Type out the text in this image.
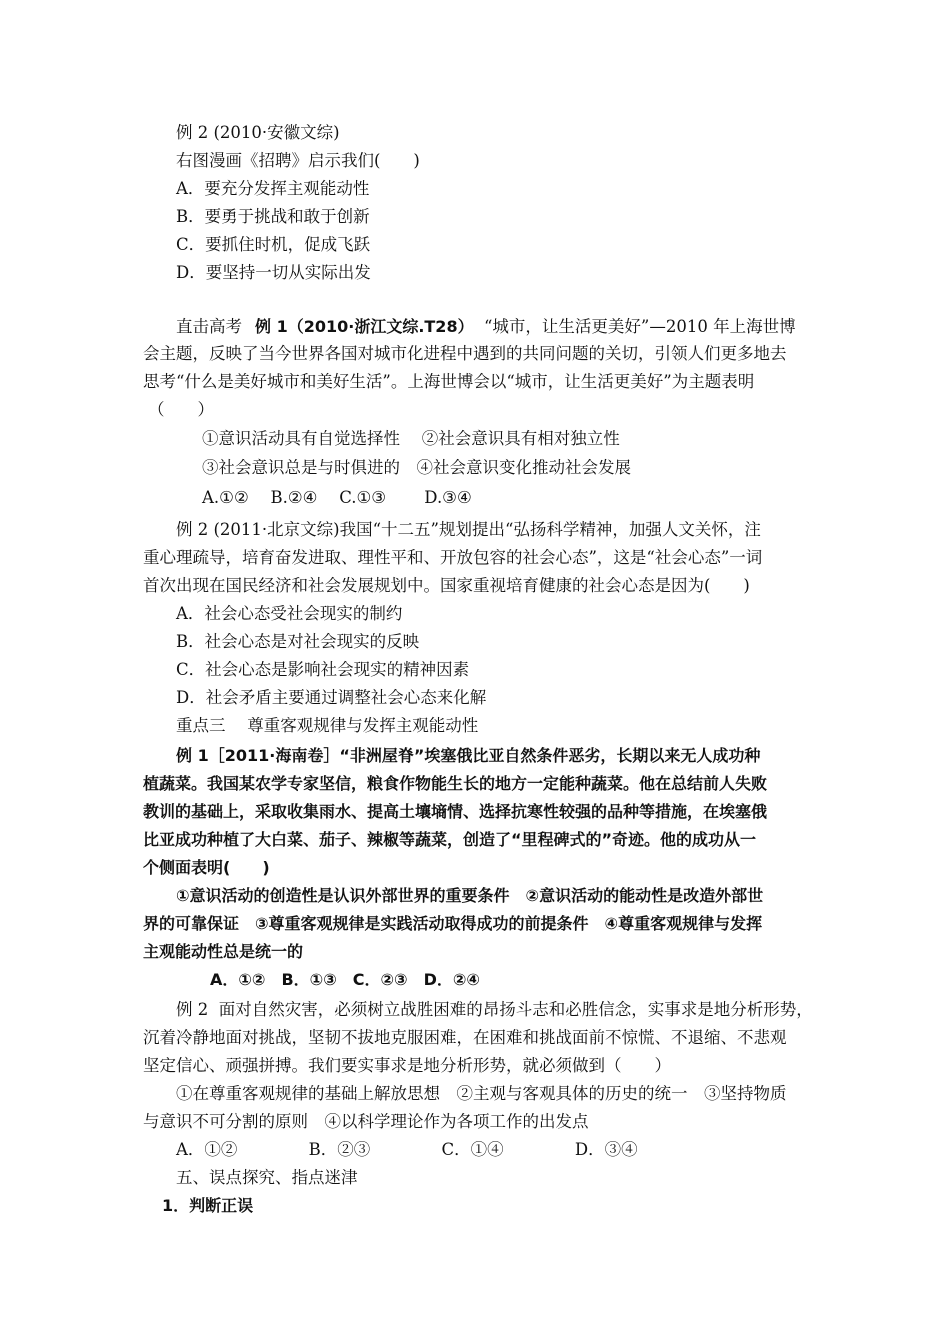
例 2 (2010·安徽文综)
右图漫画《招聘》启示我们(　　)
A．要充分发挥主观能动性
B．要勇于挑战和敢于创新
C．要抓住时机，促成飞跃
D．要坚持一切从实际出发
直击高考 例 1（2010·浙江文综.T28） “城市，让生活更美好”—2010 年上海世博
会主题，反映了当今世界各国对城市化进程中遇到的共同问题的关切，引领人们更多地去
思考“什么是美好城市和美好生活”。上海世博会以“城市，让生活更美好”为主题表明
（　　）
①意识活动具有自觉选择性　 ②社会意识具有相对独立性
③社会意识总是与时俱进的　④社会意识变化推动社会发展
A.①②　 B.②④　 C.①③ 　　D.③④
例 2 (2011·北京文综)我国“十二五”规划提出“弘扬科学精神，加强人文关怀，注
重心理疏导，培育奋发进取、理性平和、开放包容的社会心态”，这是“社会心态”一词
首次出现在国民经济和社会发展规划中。国家重视培育健康的社会心态是因为(　　)
A．社会心态受社会现实的制约
B．社会心态是对社会现实的反映
C．社会心态是影响社会现实的精神因素
D．社会矛盾主要通过调整社会心态来化解
重点三　 尊重客观规律与发挥主观能动性
例 1［2011·海南卷］“非洲屋脊”埃塞俄比亚自然条件恶劣，长期以来无人成功种
植蔬菜。我国某农学专家坚信，粮食作物能生长的地方一定能种蔬菜。他在总结前人失败
教训的基础上，采取收集雨水、提高土壤墒情、选择抗寒性较强的品种等措施，在埃塞俄
比亚成功种植了大白菜、茄子、辣椒等蔬菜，创造了“里程碑式的”奇迹。他的成功从一
个侧面表明(　　)
①意识活动的创造性是认识外部世界的重要条件　②意识活动的能动性是改造外部世
界的可靠保证　③尊重客观规律是实践活动取得成功的前提条件　④尊重客观规律与发挥
主观能动性总是统一的
A．①②　B．①③　C．②③　D．②④
例 2  面对自然灾害，必须树立战胜困难的昂扬斗志和必胜信念，实事求是地分析形势，
沉着冷静地面对挑战，坚韧不拔地克服困难，在困难和挑战面前不惊慌、不退缩、不悲观
坚定信心、顽强拼搏。我们要实事求是地分析形势，就必须做到（　　）
①在尊重客观规律的基础上解放思想　②主观与客观具体的历史的统一　③坚持物质
与意识不可分割的原则　④以科学理论作为各项工作的出发点
A．①②　　　　 B．②③　　　　 C．①④　　　　 D．③④
五、误点探究、指点迷津
1．判断正误
